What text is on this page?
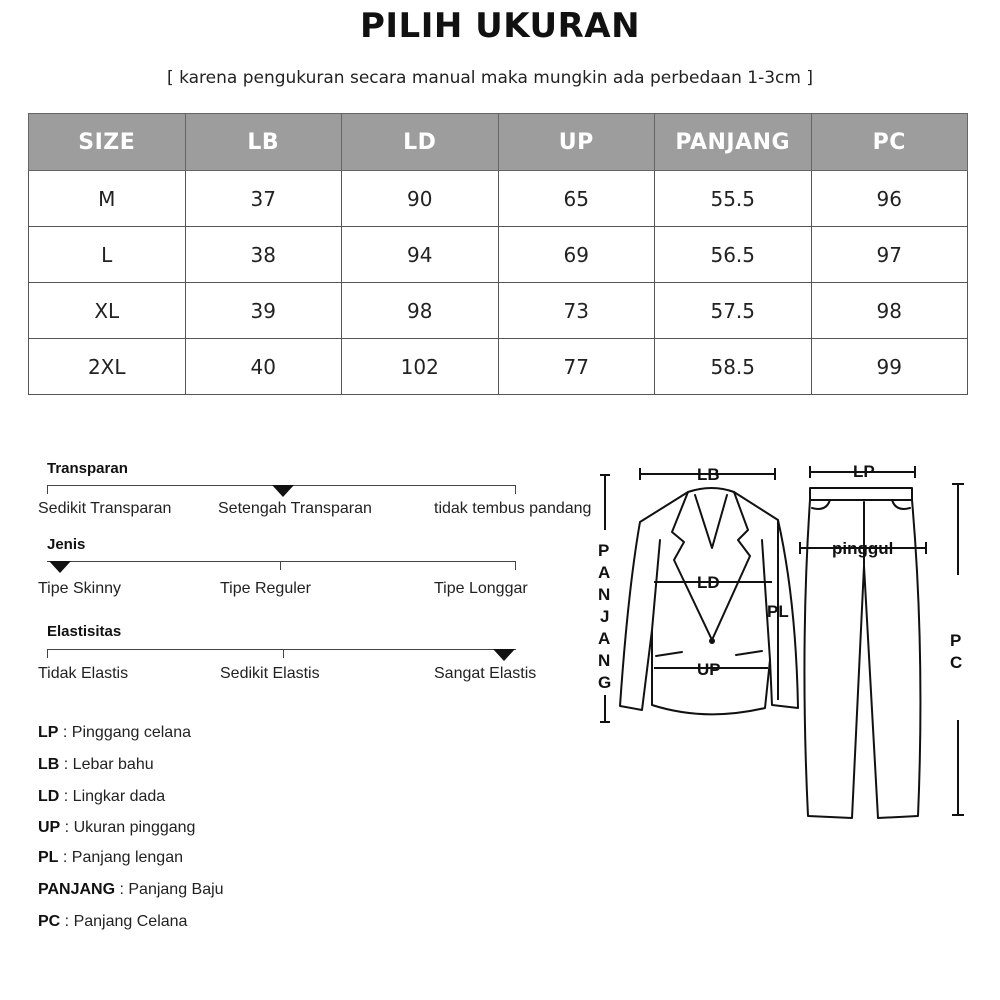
PILIH UKURAN
[ karena pengukuran secara manual maka mungkin ada perbedaan 1-3cm ]
SIZE	LB	LD	UP	PANJANG	PC
M	37	90	65	55.5	96
L	38	94	69	56.5	97
XL	39	98	73	57.5	98
2XL	40	102	77	58.5	99
Transparan
Sedikit Transparan	Setengah Transparan	tidak tembus pandang
Jenis
Tipe Skinny	Tipe Reguler	Tipe Longgar
Elastisitas
Tidak Elastis	Sedikit Elastis	Sangat Elastis
LP : Pinggang celana
LB : Lebar bahu
LD : Lingkar dada
UP : Ukuran pinggang
PL : Panjang lengan
PANJANG : Panjang Baju
PC : Panjang Celana
LB	LP
LD
UP
PL
pinggul
P
A
N
J
A
N
G
P
C
